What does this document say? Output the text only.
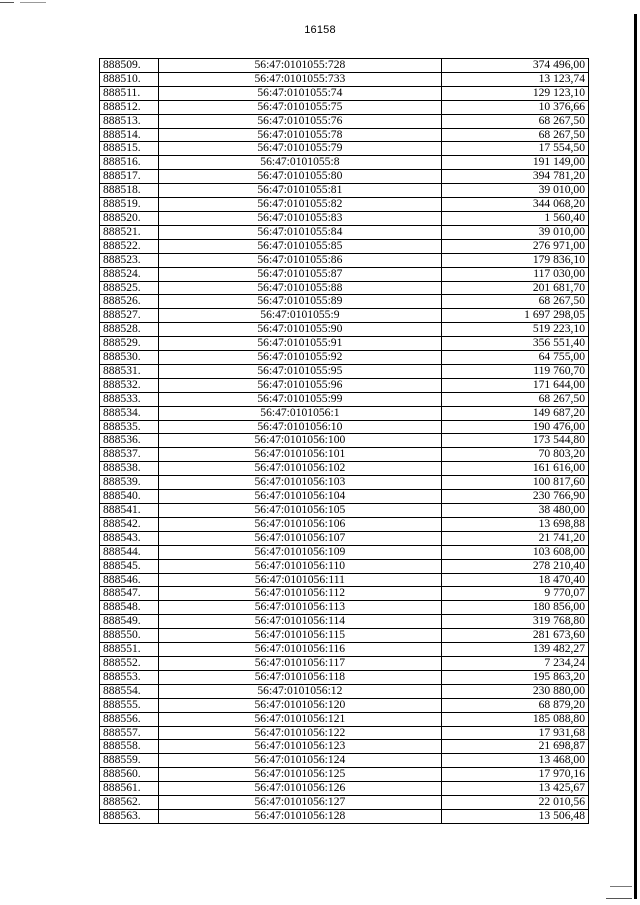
16158
888509.	56:47:0101055:728	374 496,00
888510.	56:47:0101055:733	13 123,74
888511.	56:47:0101055:74	129 123,10
888512.	56:47:0101055:75	10 376,66
888513.	56:47:0101055:76	68 267,50
888514.	56:47:0101055:78	68 267,50
888515.	56:47:0101055:79	17 554,50
888516.	56:47:0101055:8	191 149,00
888517.	56:47:0101055:80	394 781,20
888518.	56:47:0101055:81	39 010,00
888519.	56:47:0101055:82	344 068,20
888520.	56:47:0101055:83	1 560,40
888521.	56:47:0101055:84	39 010,00
888522.	56:47:0101055:85	276 971,00
888523.	56:47:0101055:86	179 836,10
888524.	56:47:0101055:87	117 030,00
888525.	56:47:0101055:88	201 681,70
888526.	56:47:0101055:89	68 267,50
888527.	56:47:0101055:9	1 697 298,05
888528.	56:47:0101055:90	519 223,10
888529.	56:47:0101055:91	356 551,40
888530.	56:47:0101055:92	64 755,00
888531.	56:47:0101055:95	119 760,70
888532.	56:47:0101055:96	171 644,00
888533.	56:47:0101055:99	68 267,50
888534.	56:47:0101056:1	149 687,20
888535.	56:47:0101056:10	190 476,00
888536.	56:47:0101056:100	173 544,80
888537.	56:47:0101056:101	70 803,20
888538.	56:47:0101056:102	161 616,00
888539.	56:47:0101056:103	100 817,60
888540.	56:47:0101056:104	230 766,90
888541.	56:47:0101056:105	38 480,00
888542.	56:47:0101056:106	13 698,88
888543.	56:47:0101056:107	21 741,20
888544.	56:47:0101056:109	103 608,00
888545.	56:47:0101056:110	278 210,40
888546.	56:47:0101056:111	18 470,40
888547.	56:47:0101056:112	9 770,07
888548.	56:47:0101056:113	180 856,00
888549.	56:47:0101056:114	319 768,80
888550.	56:47:0101056:115	281 673,60
888551.	56:47:0101056:116	139 482,27
888552.	56:47:0101056:117	7 234,24
888553.	56:47:0101056:118	195 863,20
888554.	56:47:0101056:12	230 880,00
888555.	56:47:0101056:120	68 879,20
888556.	56:47:0101056:121	185 088,80
888557.	56:47:0101056:122	17 931,68
888558.	56:47:0101056:123	21 698,87
888559.	56:47:0101056:124	13 468,00
888560.	56:47:0101056:125	17 970,16
888561.	56:47:0101056:126	13 425,67
888562.	56:47:0101056:127	22 010,56
888563.	56:47:0101056:128	13 506,48
